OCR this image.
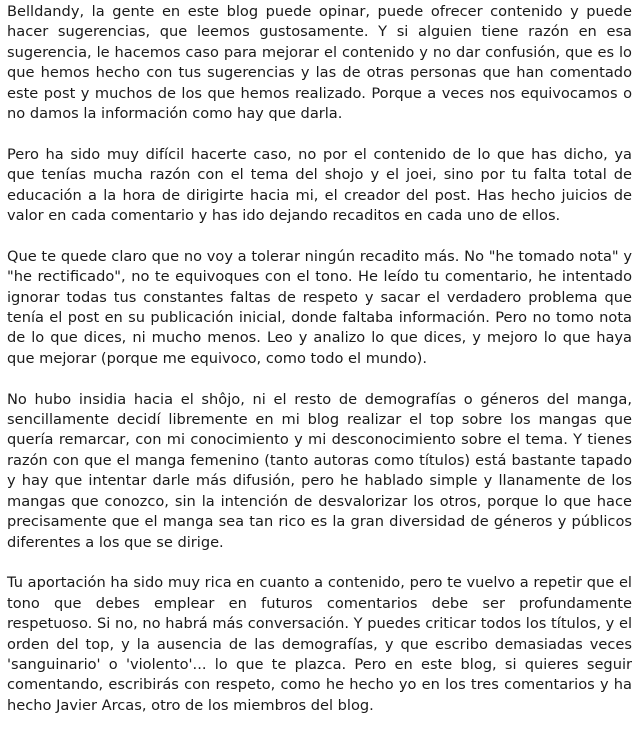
Belldandy, la gente en este blog puede opinar, puede ofrecer contenido y puede hacer sugerencias, que leemos gustosamente. Y si alguien tiene razón en esa sugerencia, le hacemos caso para mejorar el contenido y no dar confusión, que es lo que hemos hecho con tus sugerencias y las de otras personas que han comentado este post y muchos de los que hemos realizado. Porque a veces nos equivocamos o no damos la información como hay que darla.

Pero ha sido muy difícil hacerte caso, no por el contenido de lo que has dicho, ya que tenías mucha razón con el tema del shojo y el joei, sino por tu falta total de educación a la hora de dirigirte hacia mi, el creador del post. Has hecho juicios de valor en cada comentario y has ido dejando recaditos en cada uno de ellos.

Que te quede claro que no voy a tolerar ningún recadito más. No "he tomado nota" y "he rectificado", no te equivoques con el tono. He leído tu comentario, he intentado ignorar todas tus constantes faltas de respeto y sacar el verdadero problema que tenía el post en su publicación inicial, donde faltaba información. Pero no tomo nota de lo que dices, ni mucho menos. Leo y analizo lo que dices, y mejoro lo que haya que mejorar (porque me equivoco, como todo el mundo).

No hubo insidia hacia el shôjo, ni el resto de demografías o géneros del manga, sencillamente decidí libremente en mi blog realizar el top sobre los mangas que quería remarcar, con mi conocimiento y mi desconocimiento sobre el tema. Y tienes razón con que el manga femenino (tanto autoras como títulos) está bastante tapado y hay que intentar darle más difusión, pero he hablado simple y llanamente de los mangas que conozco, sin la intención de desvalorizar los otros, porque lo que hace precisamente que el manga sea tan rico es la gran diversidad de géneros y públicos diferentes a los que se dirige.

Tu aportación ha sido muy rica en cuanto a contenido, pero te vuelvo a repetir que el tono que debes emplear en futuros comentarios debe ser profundamente respetuoso. Si no, no habrá más conversación. Y puedes criticar todos los títulos, y el orden del top, y la ausencia de las demografías, y que escribo demasiadas veces 'sanguinario' o 'violento'... lo que te plazca. Pero en este blog, si quieres seguir comentando, escribirás con respeto, como he hecho yo en los tres comentarios y ha hecho Javier Arcas, otro de los miembros del blog.
